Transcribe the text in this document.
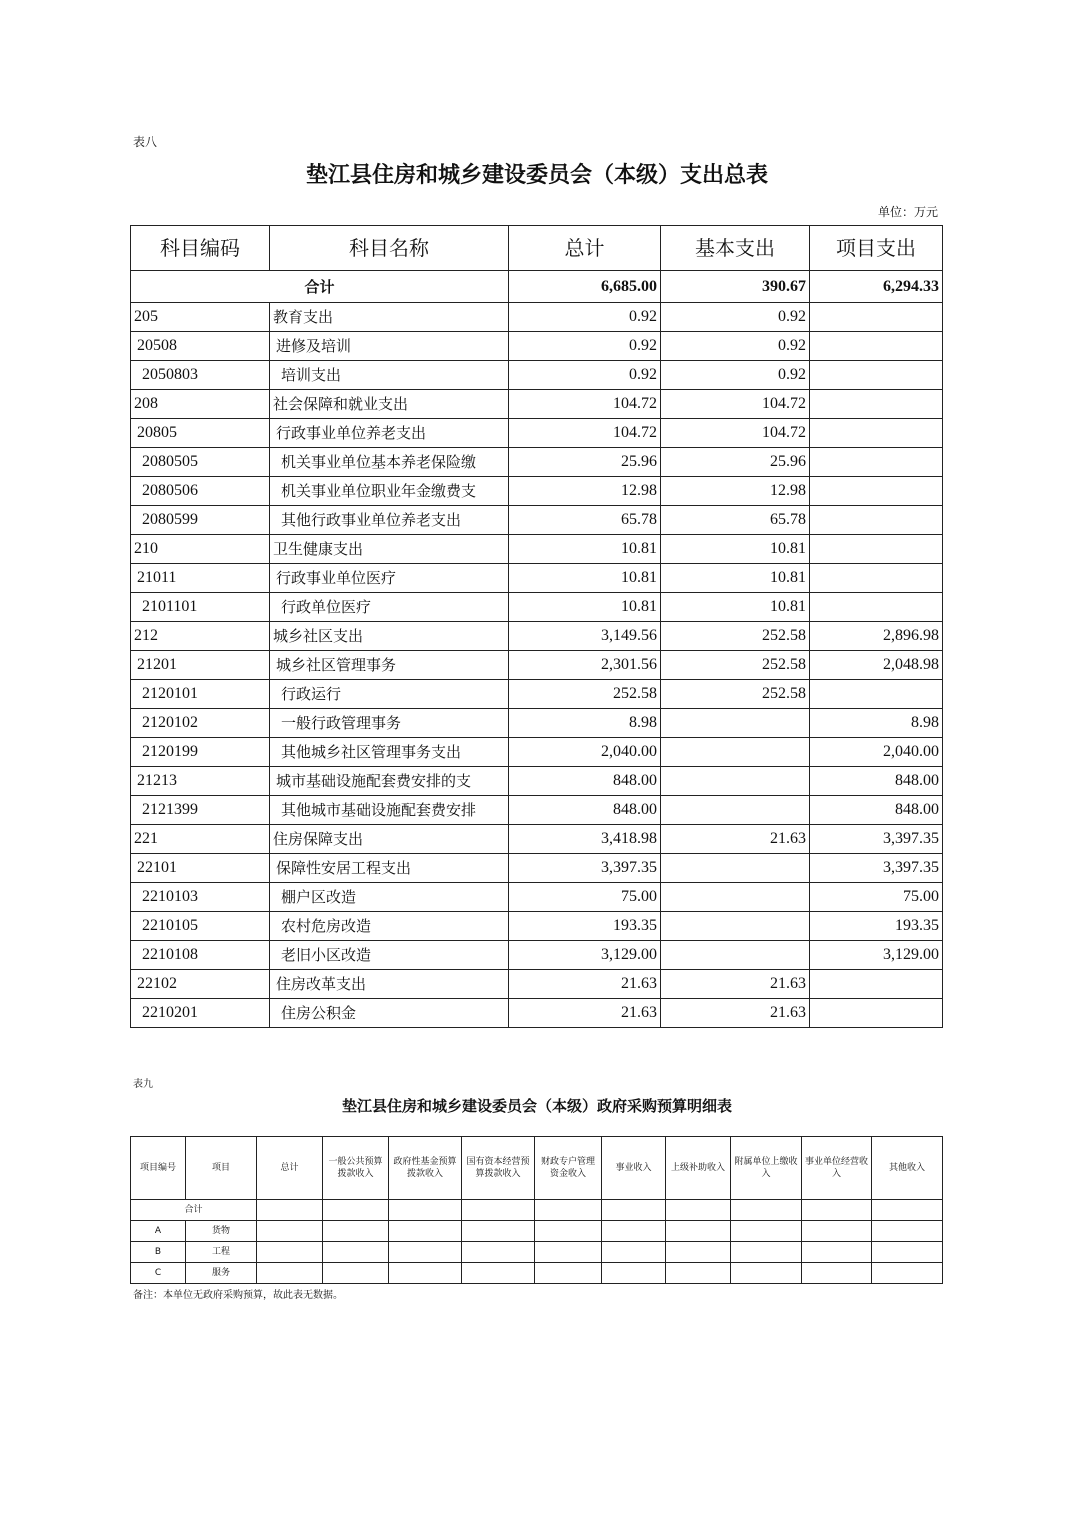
表八
垫江县住房和城乡建设委员会（本级）支出总表
单位：万元
科目编码	科目名称	总计	基本支出	项目支出
合计		6,685.00	390.67	6,294.33
205	教育支出	0.92	0.92	
20508	进修及培训	0.92	0.92	
2050803	培训支出	0.92	0.92	
208	社会保障和就业支出	104.72	104.72	
20805	行政事业单位养老支出	104.72	104.72	
2080505	机关事业单位基本养老保险缴	25.96	25.96	
2080506	机关事业单位职业年金缴费支	12.98	12.98	
2080599	其他行政事业单位养老支出	65.78	65.78	
210	卫生健康支出	10.81	10.81	
21011	行政事业单位医疗	10.81	10.81	
2101101	行政单位医疗	10.81	10.81	
212	城乡社区支出	3,149.56	252.58	2,896.98
21201	城乡社区管理事务	2,301.56	252.58	2,048.98
2120101	行政运行	252.58	252.58	
2120102	一般行政管理事务	8.98		8.98
2120199	其他城乡社区管理事务支出	2,040.00		2,040.00
21213	城市基础设施配套费安排的支	848.00		848.00
2121399	其他城市基础设施配套费安排	848.00		848.00
221	住房保障支出	3,418.98	21.63	3,397.35
22101	保障性安居工程支出	3,397.35		3,397.35
2210103	棚户区改造	75.00		75.00
2210105	农村危房改造	193.35		193.35
2210108	老旧小区改造	3,129.00		3,129.00
22102	住房改革支出	21.63	21.63	
2210201	住房公积金	21.63	21.63	
表九
垫江县住房和城乡建设委员会（本级）政府采购预算明细表
项目编号	项目	总计	一般公共预算拨款收入	政府性基金预算拨款收入	国有资本经营预算拨款收入	财政专户管理资金收入	事业收入	上级补助收入	附属单位上缴收入	事业单位经营收入	其他收入
合计											
A	货物										
B	工程										
C	服务										
备注：本单位无政府采购预算，故此表无数据。
